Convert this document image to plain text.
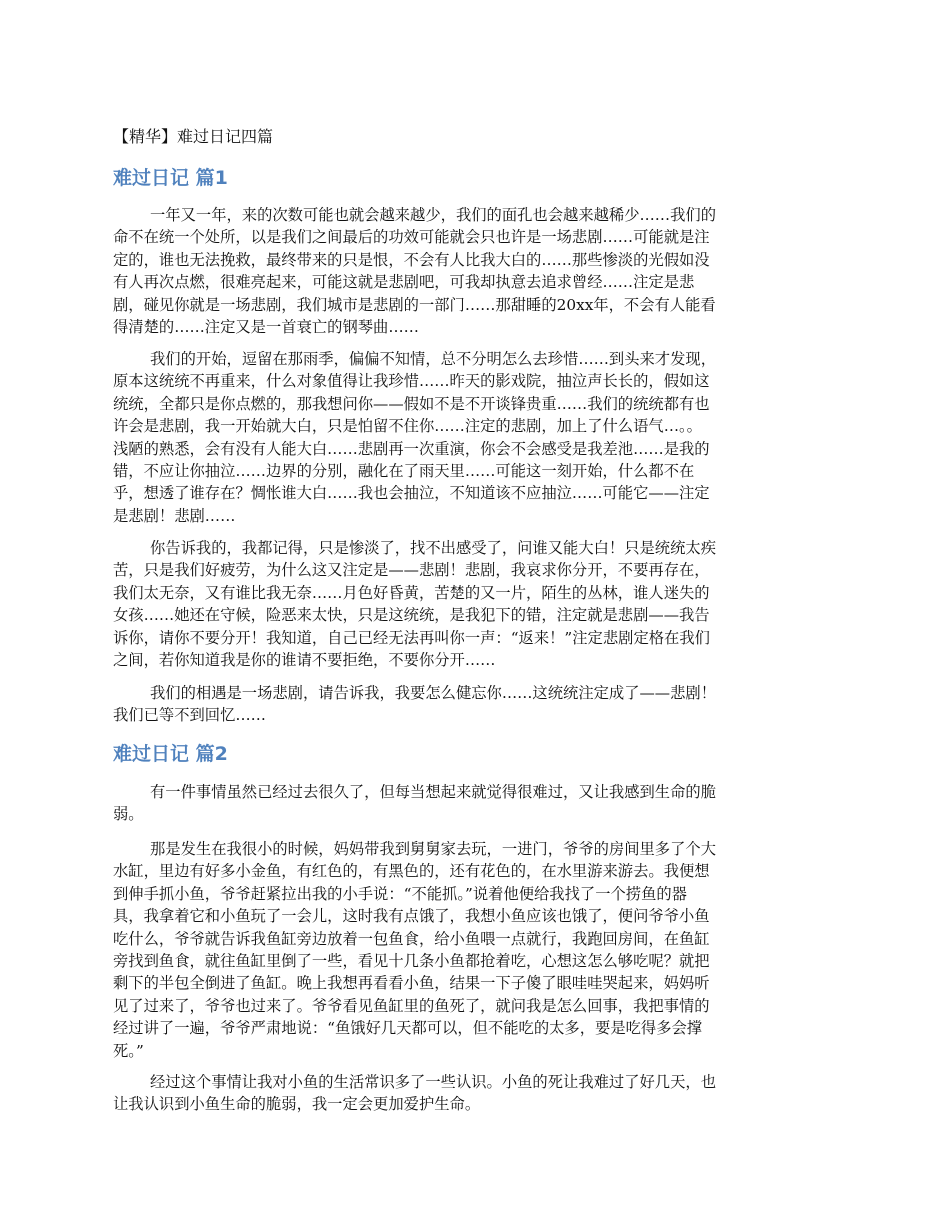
【精华】难过日记四篇
难过日记 篇1
一年又一年，来的次数可能也就会越来越少，我们的面孔也会越来越稀少……我们的
命不在统一个处所，以是我们之间最后的功效可能就会只也许是一场悲剧……可能就是注
定的，谁也无法挽救，最终带来的只是恨，不会有人比我大白的……那些惨淡的光假如没
有人再次点燃，很难亮起来，可能这就是悲剧吧，可我却执意去追求曾经……注定是悲
剧，碰见你就是一场悲剧，我们城市是悲剧的一部门……那甜睡的20xx年，不会有人能看
得清楚的……注定又是一首衰亡的钢琴曲……
我们的开始，逗留在那雨季，偏偏不知情，总不分明怎么去珍惜……到头来才发现，
原本这统统不再重来，什么对象值得让我珍惜……昨天的影戏院，抽泣声长长的，假如这
统统，全都只是你点燃的，那我想问你——假如不是不开谈锋贵重……我们的统统都有也
许会是悲剧，我一开始就大白，只是怕留不住你……注定的悲剧，加上了什么语气…。。
浅陋的熟悉，会有没有人能大白……悲剧再一次重演，你会不会感受是我差池……是我的
错，不应让你抽泣……边界的分别，融化在了雨天里……可能这一刻开始，什么都不在
乎，想透了谁存在？惆怅谁大白……我也会抽泣，不知道该不应抽泣……可能它——注定
是悲剧！悲剧……
你告诉我的，我都记得，只是惨淡了，找不出感受了，问谁又能大白！只是统统太疾
苦，只是我们好疲劳，为什么这又注定是——悲剧！悲剧，我哀求你分开，不要再存在，
我们太无奈，又有谁比我无奈……月色好昏黄，苦楚的又一片，陌生的丛林，谁人迷失的
女孩……她还在守候，险恶来太快，只是这统统，是我犯下的错，注定就是悲剧——我告
诉你，请你不要分开！我知道，自己已经无法再叫你一声：“返来！”注定悲剧定格在我们
之间，若你知道我是你的谁请不要拒绝，不要你分开……
我们的相遇是一场悲剧，请告诉我，我要怎么健忘你……这统统注定成了——悲剧！
我们已等不到回忆……
难过日记 篇2
有一件事情虽然已经过去很久了，但每当想起来就觉得很难过，又让我感到生命的脆
弱。
那是发生在我很小的时候，妈妈带我到舅舅家去玩，一进门，爷爷的房间里多了个大
水缸，里边有好多小金鱼，有红色的，有黑色的，还有花色的，在水里游来游去。我便想
到伸手抓小鱼，爷爷赶紧拉出我的小手说：“不能抓。”说着他便给我找了一个捞鱼的器
具，我拿着它和小鱼玩了一会儿，这时我有点饿了，我想小鱼应该也饿了，便问爷爷小鱼
吃什么，爷爷就告诉我鱼缸旁边放着一包鱼食，给小鱼喂一点就行，我跑回房间，在鱼缸
旁找到鱼食，就往鱼缸里倒了一些，看见十几条小鱼都抢着吃，心想这怎么够吃呢？就把
剩下的半包全倒进了鱼缸。晚上我想再看看小鱼，结果一下子傻了眼哇哇哭起来，妈妈听
见了过来了，爷爷也过来了。爷爷看见鱼缸里的鱼死了，就问我是怎么回事，我把事情的
经过讲了一遍，爷爷严肃地说：“鱼饿好几天都可以，但不能吃的太多，要是吃得多会撑
死。”
经过这个事情让我对小鱼的生活常识多了一些认识。小鱼的死让我难过了好几天，也
让我认识到小鱼生命的脆弱，我一定会更加爱护生命。
